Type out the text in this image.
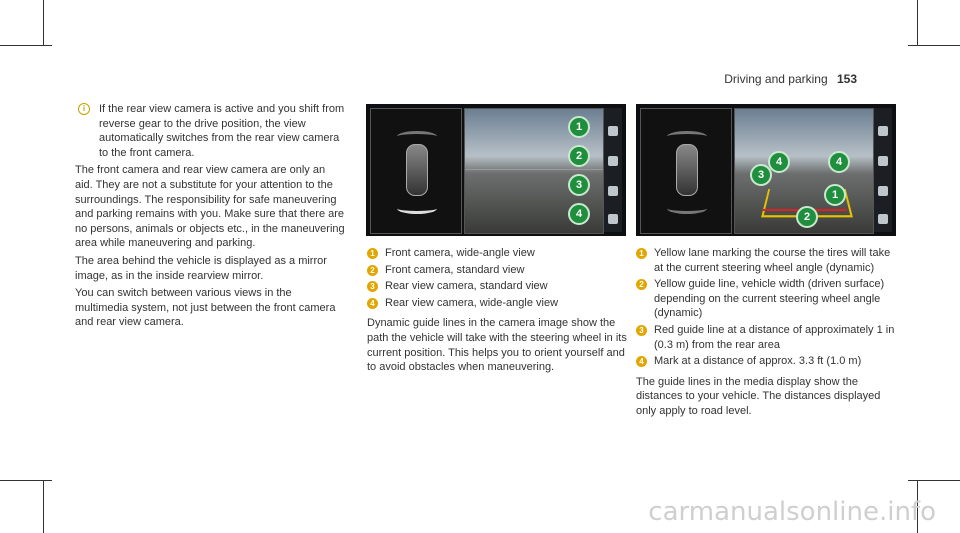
Driving and parking 153

i	If the rear view camera is active and you shift from reverse gear to the drive position, the view automatically switches from the rear view camera to the front camera.

The front camera and rear view camera are only an aid. They are not a substitute for your attention to the surroundings. The responsibility for safe maneuvering and parking remains with you. Make sure that there are no persons, animals or objects etc., in the maneuvering area while maneuvering and parking.

The area behind the vehicle is displayed as a mirror image, as in the inside rearview mirror.

You can switch between various views in the multimedia system, not just between the front camera and rear view camera.

1
2
3
4
1 Front camera, wide-angle view
2 Front camera, standard view
3 Rear view camera, standard view
4 Rear view camera, wide-angle view

Dynamic guide lines in the camera image show the path the vehicle will take with the steering wheel in its current position. This helps you to orient yourself and to avoid obstacles when maneuvering.

4	4
3
1
2
1 Yellow lane marking the course the tires will take at the current steering wheel angle (dynamic)
2 Yellow guide line, vehicle width (driven surface) depending on the current steering wheel angle (dynamic)
3 Red guide line at a distance of approximately 1 in (0.3 m) from the rear area
4 Mark at a distance of approx. 3.3 ft (1.0 m)

The guide lines in the media display show the distances to your vehicle. The distances displayed only apply to road level.

carmanualsonline.info
